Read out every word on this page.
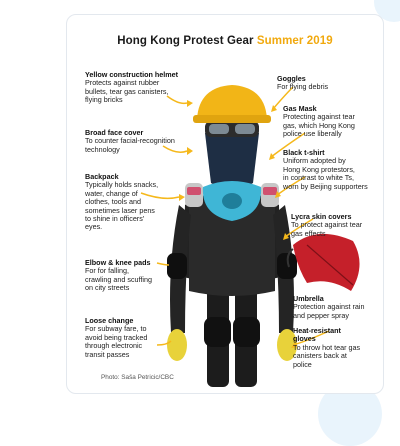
Hong Kong Protest Gear Summer 2019
Yellow construction helmet
Protects against rubber
bullets, tear gas canisters,
flying bricks
Broad face cover
To counter facial-recognition
technology
Backpack
Typically holds snacks,
water, change of
clothes, tools and
sometimes laser pens
to shine in officers'
eyes.
Elbow & knee pads
For for falling,
crawling and scuffing
on city streets
Loose change
For subway fare, to
avoid being tracked
through electronic
transit passes
Goggles
For flying debris
Gas Mask
Protecting against tear
gas, which Hong Kong
police use liberally
Black t-shirt
Uniform adopted by
Hong Kong protestors,
in contrast to white Ts,
worn by Beijing supporters
Lycra skin covers
To protect against tear
gas effects
Umbrella
Protection against rain
and pepper spray
Heat-resistant
gloves
To throw hot tear gas
canisters back at
police
Photo: Saša Petricic/CBC
